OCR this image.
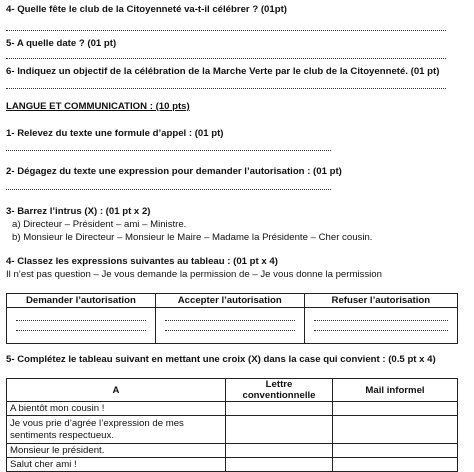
4- Quelle fête le club de la Citoyenneté va-t-il célébrer ? (01pt)
5- A quelle date ? (01 pt)
6- Indiquez un objectif de la célébration de la Marche Verte par le club de la Citoyenneté. (01 pt)
LANGUE ET COMMUNICATION : (10 pts)
1- Relevez du texte une formule d’appel : (01 pt)
2- Dégagez du texte une expression pour demander l’autorisation : (01 pt)
3- Barrez l’intrus (X) : (01 pt x 2)
a) Directeur – Président – ami – Ministre.
b) Monsieur le Directeur – Monsieur le Maire – Madame la Présidente – Cher cousin.
4- Classez les expressions suivantes au tableau : (01 pt x 4)
Il n’est pas question – Je vous demande la permission de – Je vous donne la permission
Demander l’autorisation	Accepter l’autorisation	Refuser l’autorisation

5- Complétez le tableau suivant en mettant une croix (X) dans la case qui convient : (0.5 pt x 4)
A	Lettre conventionnelle	Mail informel
A bientôt mon cousin !		
Je vous prie d’agrée l’expression de mes sentiments respectueux.		
Monsieur le président.		
Salut cher ami !		
